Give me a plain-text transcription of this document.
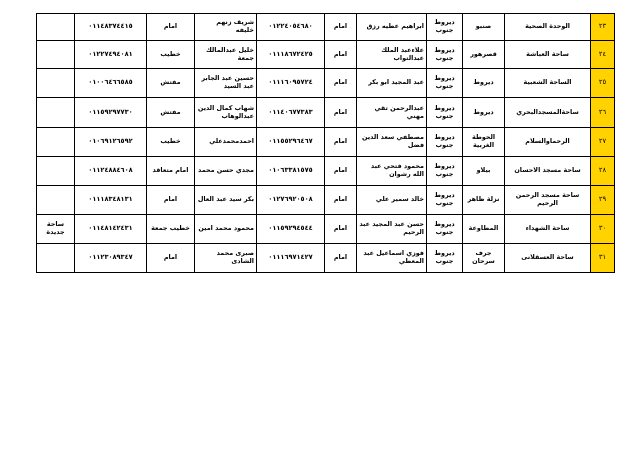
٢٣	الوحدة الصحية	صنبو	ديروط جنوب	ابراهيم عطيه رزق	امام	٠١٢٢٤٠٥٤٦٨٠	شريف زنهم خليفه	امام	٠١١٤٨٣٧٤٤١٥	
٢٤	ساحة العباشة	قصرهور	ديروط جنوب	علاءعبد الملك عبدالتواب	امام	٠١١١٨٦٧٢٤٢٥	خليل عبدالمالك جمعة	خطيب	٠١٢٢٧٤٩٤٠٨١	
٢٥	الساحة الشعبية	ديروط	ديروط جنوب	عبد المجيد ابو بكر	امام	٠١١١٦٠٩٥٧٢٤	حسين عبد الجابر عبد السيد	مفتش	٠١٠٠٦٤٦٦٥٨٥	
٢٦	ساحةالمسجدالبحري	ديروط	ديروط جنوب	عبدالرحمن تقي مهني	امام	٠١١٤٠٦٧٧٣٨٣	شهاب كمال الدين عبدالوهاب	مفتش	٠١١٥٩٢٩٧٧٣٠	
٢٧	الرحماوالسلام	الحوطة الغربية	ديروط جنوب	مصطفي سعد الدين فضل	امام	٠١١٥٥٢٩٦٤٦٧	احمدمحمدعلي	خطيب	٠١٠٦٩١٢٦٥٩٢	
٢٨	ساحة مسجد الاحسان	بيلاو	ديروط جنوب	محمود فتحي عبد الله رشوان	امام	٠١٠٦٣٣٨١٥٧٥	مجدي حسن محمد	امام متعاقد	٠١١٢٤٨٨٤٦٠٨	
٢٩	ساحة مسجد الرحمن الرحيم	نزلة ظاهر	ديروط جنوب	خالد سمير علي	امام	٠١٢٧٦٩٢٠٥٠٨	بكر سيد عبد العال	امام	٠١١١٨٣٤٨١٣١	
٣٠	ساحة الشهداء	المطاوعة	ديروط جنوب	حسن عبد المجيد عبد الرحيم	امام	٠١١٥٩٢٩٤٥٤٤	محمود محمد امين	خطيب جمعة	٠١١٤٨١٤٢٤٣١	ساحة جديدة
٣١	ساحة العسقلانى	جرف سرحان	ديروط جنوب	فوزي اسماعيل عبد المعطي	امام	٠١١١٦٩٧١٤٢٧	صبرى محمد الشادى	امام	٠١١٢٣٠٨٩٣٤٧	
